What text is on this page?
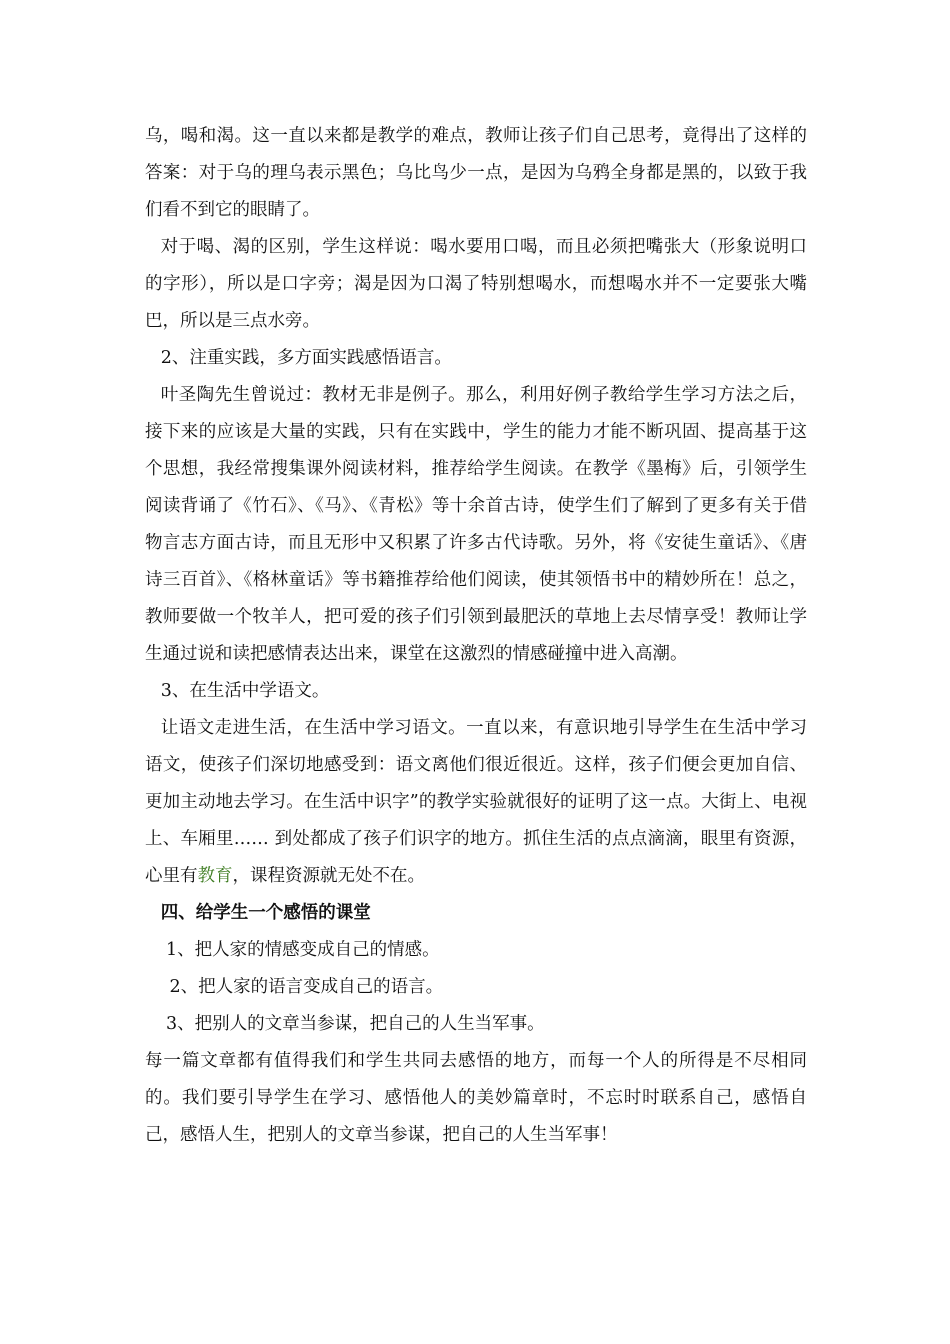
乌，喝和渴。这一直以来都是教学的难点，教师让孩子们自己思考，竟得出了这样的答案：对于乌的理乌表示黑色；乌比鸟少一点，是因为乌鸦全身都是黑的，以致于我们看不到它的眼睛了。

对于喝、渴的区别，学生这样说：喝水要用口喝，而且必须把嘴张大（形象说明口的字形），所以是口字旁；渴是因为口渴了特别想喝水，而想喝水并不一定要张大嘴巴，所以是三点水旁。

2、注重实践，多方面实践感悟语言。

叶圣陶先生曾说过：教材无非是例子。那么，利用好例子教给学生学习方法之后，接下来的应该是大量的实践，只有在实践中，学生的能力才能不断巩固、提高基于这个思想，我经常搜集课外阅读材料，推荐给学生阅读。在教学《墨梅》后，引领学生阅读背诵了《竹石》、《马》、《青松》等十余首古诗，使学生们了解到了更多有关于借物言志方面古诗，而且无形中又积累了许多古代诗歌。另外，将《安徒生童话》、《唐诗三百首》、《格林童话》等书籍推荐给他们阅读，使其领悟书中的精妙所在！总之，教师要做一个牧羊人，把可爱的孩子们引领到最肥沃的草地上去尽情享受！教师让学生通过说和读把感情表达出来，课堂在这激烈的情感碰撞中进入高潮。

3、在生活中学语文。

让语文走进生活，在生活中学习语文。一直以来，有意识地引导学生在生活中学习语文，使孩子们深切地感受到：语文离他们很近很近。这样，孩子们便会更加自信、更加主动地去学习。在生活中识字”的教学实验就很好的证明了这一点。大街上、电视上、车厢里…… 到处都成了孩子们识字的地方。抓住生活的点点滴滴，眼里有资源，心里有教育，课程资源就无处不在。

四、给学生一个感悟的课堂

1、把人家的情感变成自己的情感。

2、把人家的语言变成自己的语言。

3、把别人的文章当参谋，把自己的人生当军事。

每一篇文章都有值得我们和学生共同去感悟的地方，而每一个人的所得是不尽相同的。我们要引导学生在学习、感悟他人的美妙篇章时，不忘时时联系自己，感悟自己，感悟人生，把别人的文章当参谋，把自己的人生当军事！
